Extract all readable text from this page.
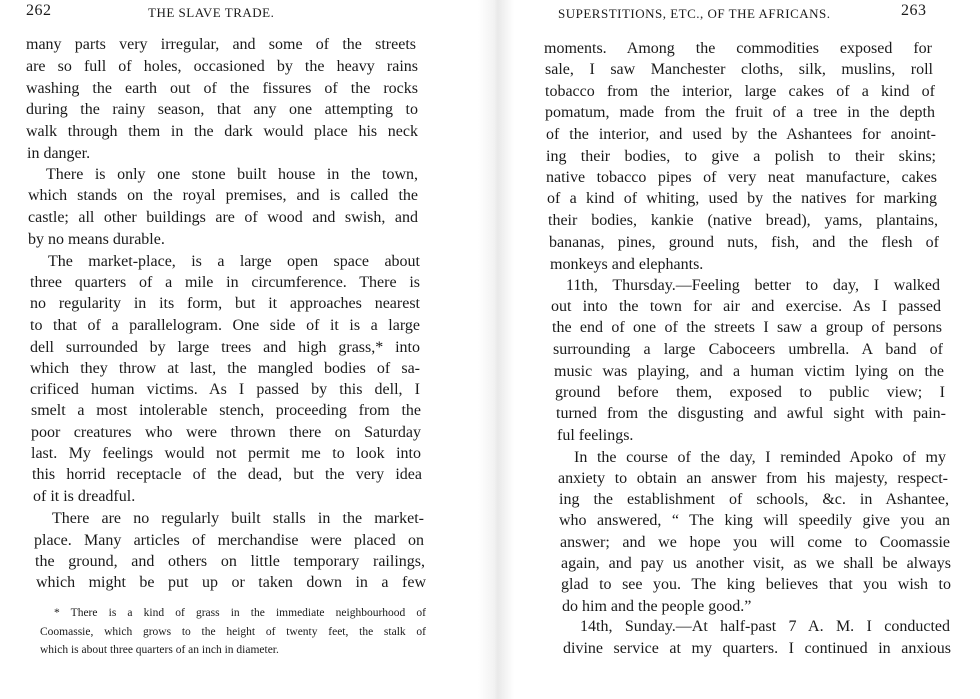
262	THE SLAVE TRADE.
many parts very irregular, and some of the streets
are so full of holes, occasioned by the heavy rains
washing the earth out of the fissures of the rocks
during the rainy season, that any one attempting to
walk through them in the dark would place his neck
in danger.
There is only one stone built house in the town,
which stands on the royal premises, and is called the
castle; all other buildings are of wood and swish, and
by no means durable.
The market-place, is a large open space about
three quarters of a mile in circumference. There is
no regularity in its form, but it approaches nearest
to that of a parallelogram. One side of it is a large
dell surrounded by large trees and high grass,* into
which they throw at last, the mangled bodies of sa-
crificed human victims. As I passed by this dell, I
smelt a most intolerable stench, proceeding from the
poor creatures who were thrown there on Saturday
last. My feelings would not permit me to look into
this horrid receptacle of the dead, but the very idea
of it is dreadful.
There are no regularly built stalls in the market-
place. Many articles of merchandise were placed on
the ground, and others on little temporary railings,
which might be put up or taken down in a few
* There is a kind of grass in the immediate neighbourhood of
Coomassie, which grows to the height of twenty feet, the stalk of
which is about three quarters of an inch in diameter.
SUPERSTITIONS, ETC., OF THE AFRICANS.	263
moments. Among the commodities exposed for
sale, I saw Manchester cloths, silk, muslins, roll
tobacco from the interior, large cakes of a kind of
pomatum, made from the fruit of a tree in the depth
of the interior, and used by the Ashantees for anoint-
ing their bodies, to give a polish to their skins;
native tobacco pipes of very neat manufacture, cakes
of a kind of whiting, used by the natives for marking
their bodies, kankie (native bread), yams, plantains,
bananas, pines, ground nuts, fish, and the flesh of
monkeys and elephants.
11th, Thursday.—Feeling better to day, I walked
out into the town for air and exercise. As I passed
the end of one of the streets I saw a group of persons
surrounding a large Caboceers umbrella. A band of
music was playing, and a human victim lying on the
ground before them, exposed to public view; I
turned from the disgusting and awful sight with pain-
ful feelings.
In the course of the day, I reminded Apoko of my
anxiety to obtain an answer from his majesty, respect-
ing the establishment of schools, &c. in Ashantee,
who answered, “ The king will speedily give you an
answer; and we hope you will come to Coomassie
again, and pay us another visit, as we shall be always
glad to see you. The king believes that you wish to
do him and the people good.”
14th, Sunday.—At half-past 7 A. M. I conducted
divine service at my quarters. I continued in anxious
